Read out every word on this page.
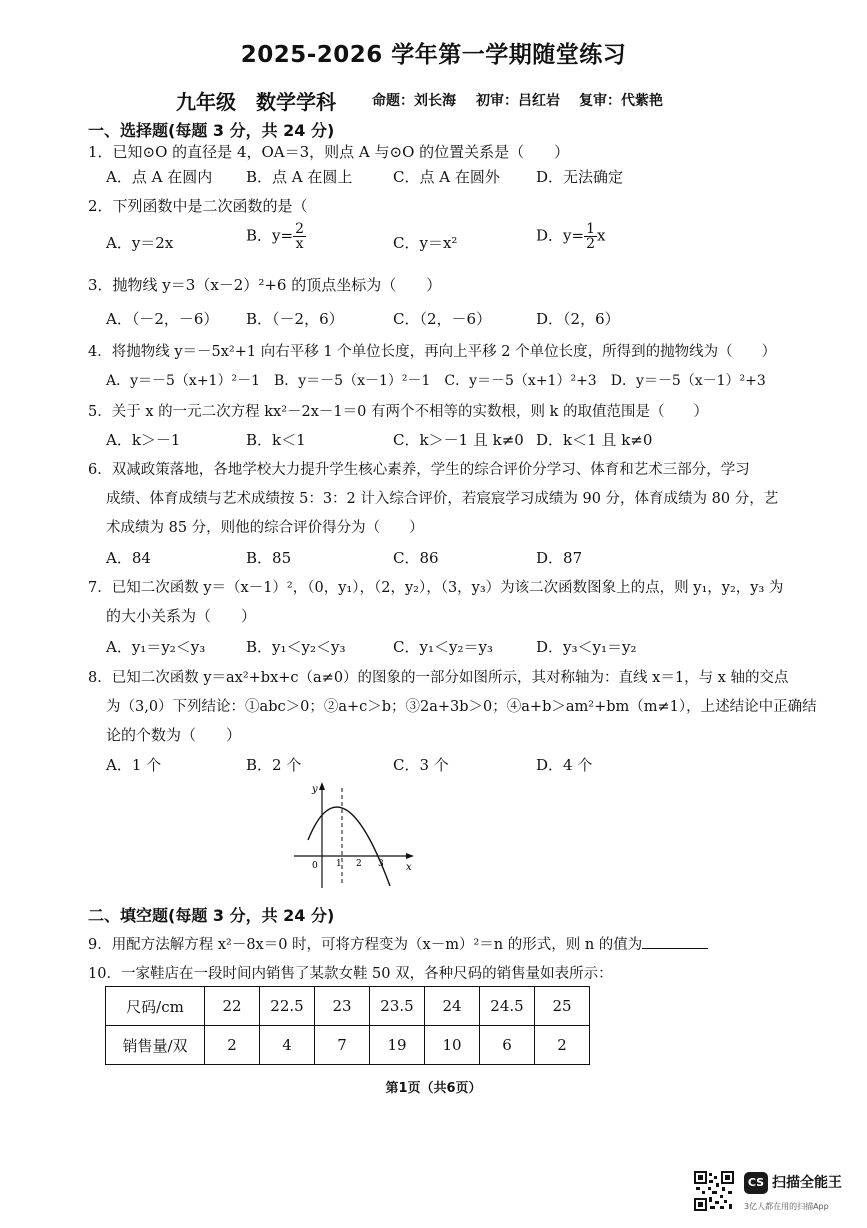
2025-2026 学年第一学期随堂练习
九年级　数学学科	命题：刘长海 初审：吕红岩 复审：代紫艳
一、选择题(每题 3 分，共 24 分)
1．已知⊙O 的直径是 4，OA＝3，则点 A 与⊙O 的位置关系是（　　）
A．点 A 在圆内 B．点 A 在圆上	C．点 A 在圆外 D．无法确定
2．下列函数中是二次函数的是（
A．y＝2x	B．$y= \frac{2}{x}$	C．y＝x²	D．$y= \frac{1}{2}$ x
3．抛物线 y＝3（x－2）²+6 的顶点坐标为（　　）
A．（－2，－6） B．（－2，6）	C．（2，－6）	D．（2，6）
4．将抛物线 y＝－5x²+1 向右平移 1 个单位长度，再向上平移 2 个单位长度，所得到的抛物线为（　　）
A．y＝－5（x+1）²－1　B．y＝－5（x－1）²－1　C．y＝－5（x+1）²+3　D．y＝－5（x－1）²+3
5．关于 x 的一元二次方程 kx²－2x－1＝0 有两个不相等的实数根，则 k 的取值范围是（　　）
A．k＞－1	B．k＜1	C．k＞－1 且 k≠0 D．k＜1 且 k≠0
6．双减政策落地，各地学校大力提升学生核心素养，学生的综合评价分学习、体育和艺术三部分，学习
成绩、体育成绩与艺术成绩按 5：3：2 计入综合评价，若宸宸学习成绩为 90 分，体育成绩为 80 分，艺
术成绩为 85 分，则他的综合评价得分为（　　）
A．84	B．85	C．86	D．87
7．已知二次函数 y＝（x－1）²，（0，y₁），（2，y₂），（3，y₃）为该二次函数图象上的点，则 y₁，y₂，y₃ 为
的大小关系为（　　）
A．y₁＝y₂＜y₃	B．y₁＜y₂＜y₃	C．y₁＜y₂＝y₃	D．y₃＜y₁＝y₂
8．已知二次函数 y＝ax²+bx+c（a≠0）的图象的一部分如图所示，其对称轴为：直线 x＝1，与 x 轴的交点
为（3,0）下列结论：①abc＞0；②a+c＞b；③2a+3b＞0；④a+b＞am²+bm（m≠1），上述结论中正确结
论的个数为（　　）
A．1 个	B．2 个	C．3 个	D．4 个
x
y
0 1 2 3
二、填空题(每题 3 分，共 24 分)
9．用配方法解方程 x²－8x＝0 时，可将方程变为（x－m）²＝n 的形式，则 n 的值为
10．一家鞋店在一段时间内销售了某款女鞋 50 双，各种尺码的销售量如表所示：
尺码/cm	22	22.5	23	23.5	24	24.5	25
销售量/双	2	4	7	19	10	6	2
第1页（共6页）
CS 扫描全能王
3亿人都在用的扫描App
